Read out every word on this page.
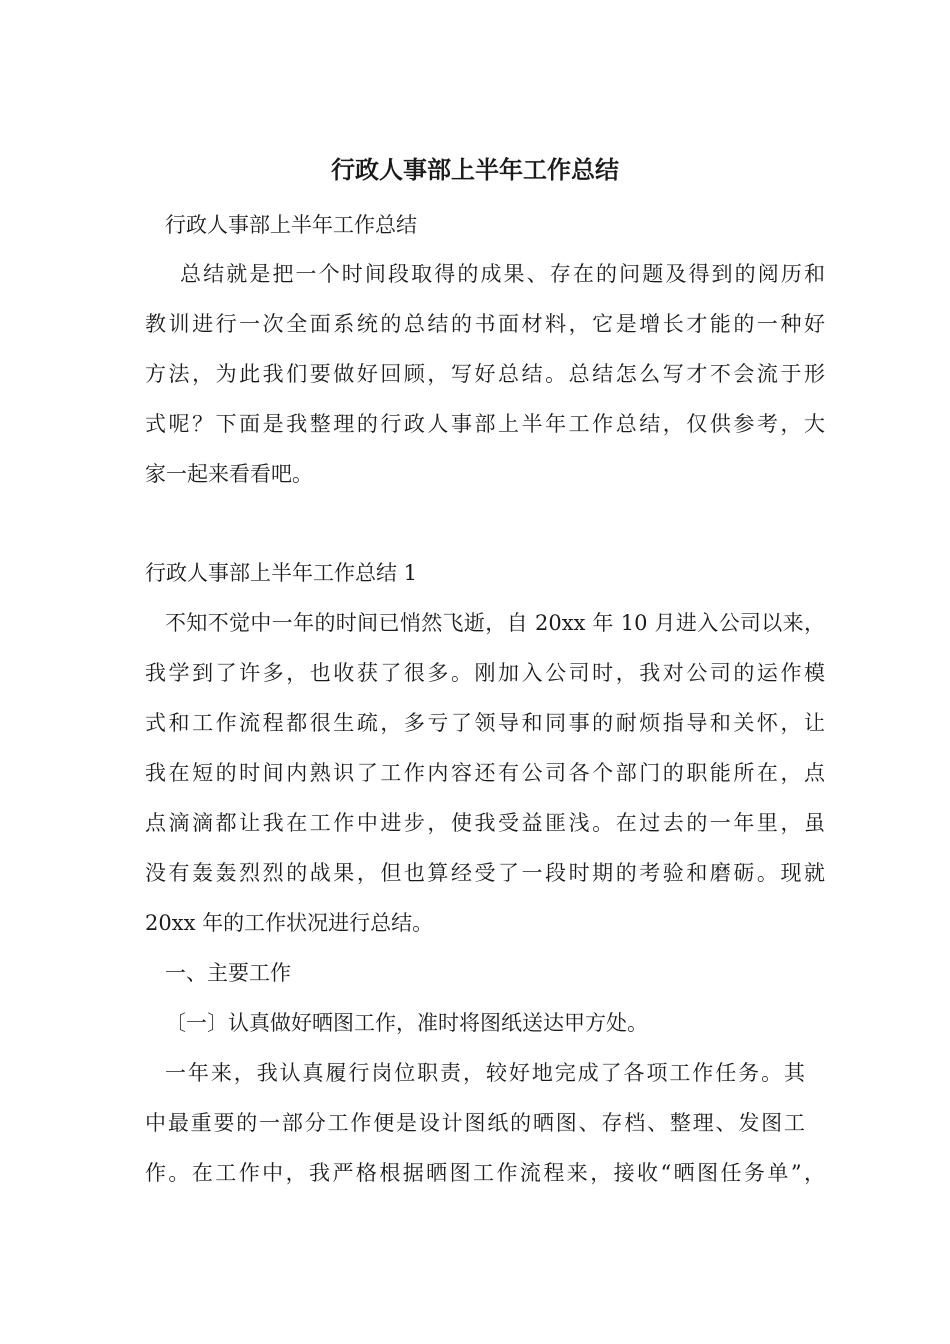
行政人事部上半年工作总结

行政人事部上半年工作总结

总结就是把一个时间段取得的成果、存在的问题及得到的阅历和

教训进行一次全面系统的总结的书面材料，它是增长才能的一种好

方法，为此我们要做好回顾，写好总结。总结怎么写才不会流于形

式呢？下面是我整理的行政人事部上半年工作总结，仅供参考，大

家一起来看看吧。

行政人事部上半年工作总结 1

不知不觉中一年的时间已悄然飞逝，自 20xx 年 10 月进入公司以来，

我学到了许多，也收获了很多。刚加入公司时，我对公司的运作模

式和工作流程都很生疏，多亏了领导和同事的耐烦指导和关怀，让

我在短的时间内熟识了工作内容还有公司各个部门的职能所在，点

点滴滴都让我在工作中进步，使我受益匪浅。在过去的一年里，虽

没有轰轰烈烈的战果，但也算经受了一段时期的考验和磨砺。现就

20xx 年的工作状况进行总结。

一、主要工作

〔一〕认真做好晒图工作，准时将图纸送达甲方处。

一年来，我认真履行岗位职责，较好地完成了各项工作任务。其

中最重要的一部分工作便是设计图纸的晒图、存档、整理、发图工

作。在工作中，我严格根据晒图工作流程来，接收“晒图任务单”，
